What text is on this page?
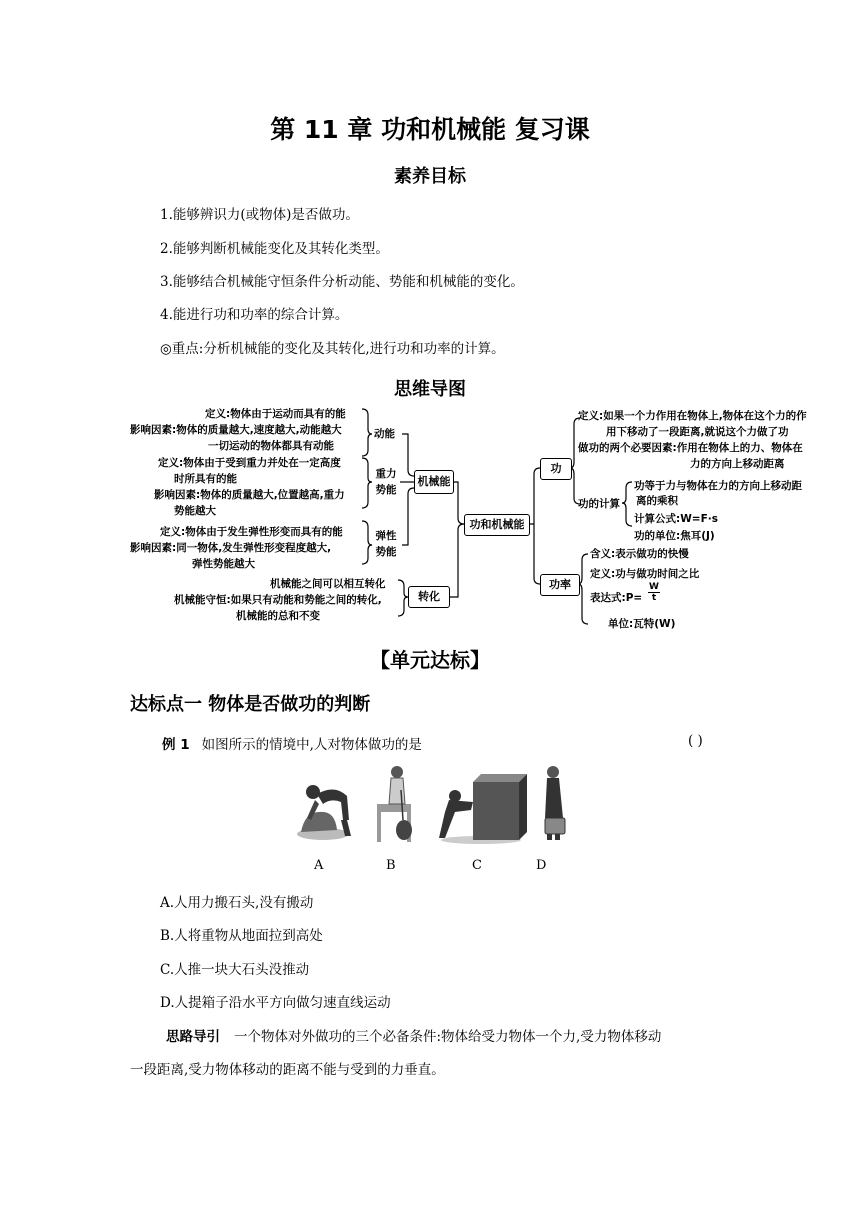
第 11 章 功和机械能 复习课
素养目标
1.能够辨识力(或物体)是否做功。
2.能够判断机械能变化及其转化类型。
3.能够结合机械能守恒条件分析动能、势能和机械能的变化。
4.能进行功和功率的综合计算。
◎重点:分析机械能的变化及其转化,进行功和功率的计算。
思维导图
定义:物体由于运动而具有的能
影响因素:物体的质量越大,速度越大,动能越大
一切运动的物体都具有动能
动能
定义:物体由于受到重力并处在一定高度
时所具有的能
影响因素:物体的质量越大,位置越高,重力
势能越大
重力势能
定义:物体由于发生弹性形变而具有的能
影响因素:同一物体,发生弹性形变程度越大,
弹性势能越大
弹性势能
机械能之间可以相互转化
机械能守恒:如果只有动能和势能之间的转化,
机械能的总和不变
转化
机械能
功和机械能
功
功率
定义:如果一个力作用在物体上,物体在这个力的作
用下移动了一段距离,就说这个力做了功
做功的两个必要因素:作用在物体上的力、物体在
力的方向上移动距离
功的计算
功等于力与物体在力的方向上移动距
离的乘积
计算公式:W=F·s
功的单位:焦耳(J)
含义:表示做功的快慢
定义:功与做功时间之比
表达式:P=
W
t
单位:瓦特(W)
【单元达标】
达标点一 物体是否做功的判断
例 1 如图所示的情境中,人对物体做功的是	( )
A	B	C	D
A.人用力搬石头,没有搬动
B.人将重物从地面拉到高处
C.人推一块大石头没推动
D.人提箱子沿水平方向做匀速直线运动
思路导引 一个物体对外做功的三个必备条件:物体给受力物体一个力,受力物体移动
一段距离,受力物体移动的距离不能与受到的力垂直。
